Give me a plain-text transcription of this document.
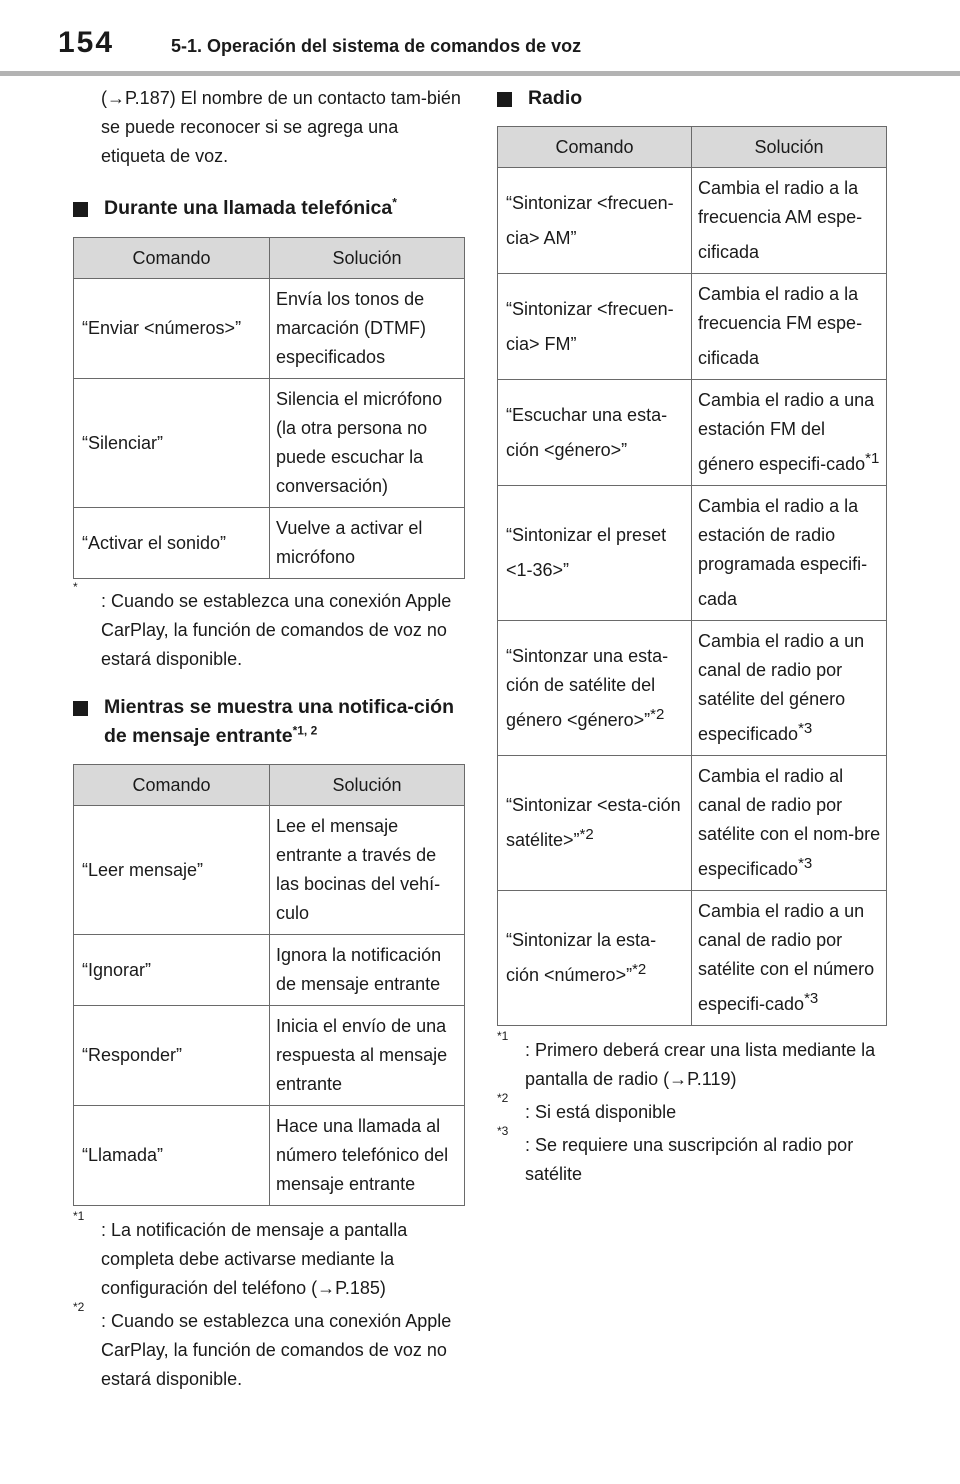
154	5-1. Operación del sistema de comandos de voz

(→P.187) El nombre de un contacto tam-bién se puede reconocer si se agrega una etiqueta de voz.

Durante una llamada telefónica*
Comando	Solución
“Enviar <números>”	Envía los tonos de marcación (DTMF) especificados
“Silenciar”	Silencia el micrófono (la otra persona no puede escuchar la conversación)
“Activar el sonido”	Vuelve a activar el micrófono
*
: Cuando se establezca una conexión Apple CarPlay, la función de comandos de voz no estará disponible.
Mientras se muestra una notifica-ción de mensaje entrante$^{*1, 2}$
Comando	Solución
“Leer mensaje”	Lee el mensaje entrante a través de las bocinas del vehí-culo
“Ignorar”	Ignora la notificación de mensaje entrante
“Responder”	Inicia el envío de una respuesta al mensaje entrante
“Llamada”	Hace una llamada al número telefónico del mensaje entrante
*1
: La notificación de mensaje a pantalla completa debe activarse mediante la configuración del teléfono (→P.185)
*2
: Cuando se establezca una conexión Apple CarPlay, la función de comandos de voz no estará disponible.
Radio
Comando	Solución
“Sintonizar <frecuen-cia> AM”	Cambia el radio a la frecuencia AM espe-cificada
“Sintonizar <frecuen-cia> FM”	Cambia el radio a la frecuencia FM espe-cificada
“Escuchar una esta-ción <género>”	Cambia el radio a una estación FM del género especifi-cado$^{*1}$
“Sintonizar el preset <1-36>”	Cambia el radio a la estación de radio programada especifi-cada
“Sintonzar una esta-ción de satélite del género <género>”$^{*2}$	Cambia el radio a un canal de radio por satélite del género especificado$^{*3}$
“Sintonizar <esta-ción satélite>”$^{*2}$	Cambia el radio al canal de radio por satélite con el nom-bre especificado$^{*3}$
“Sintonizar la esta-ción <número>”$^{*2}$	Cambia el radio a un canal de radio por satélite con el número especifi-cado$^{*3}$
*1
: Primero deberá crear una lista mediante la pantalla de radio (→P.119)
*2
: Si está disponible
*3
: Se requiere una suscripción al radio por satélite
